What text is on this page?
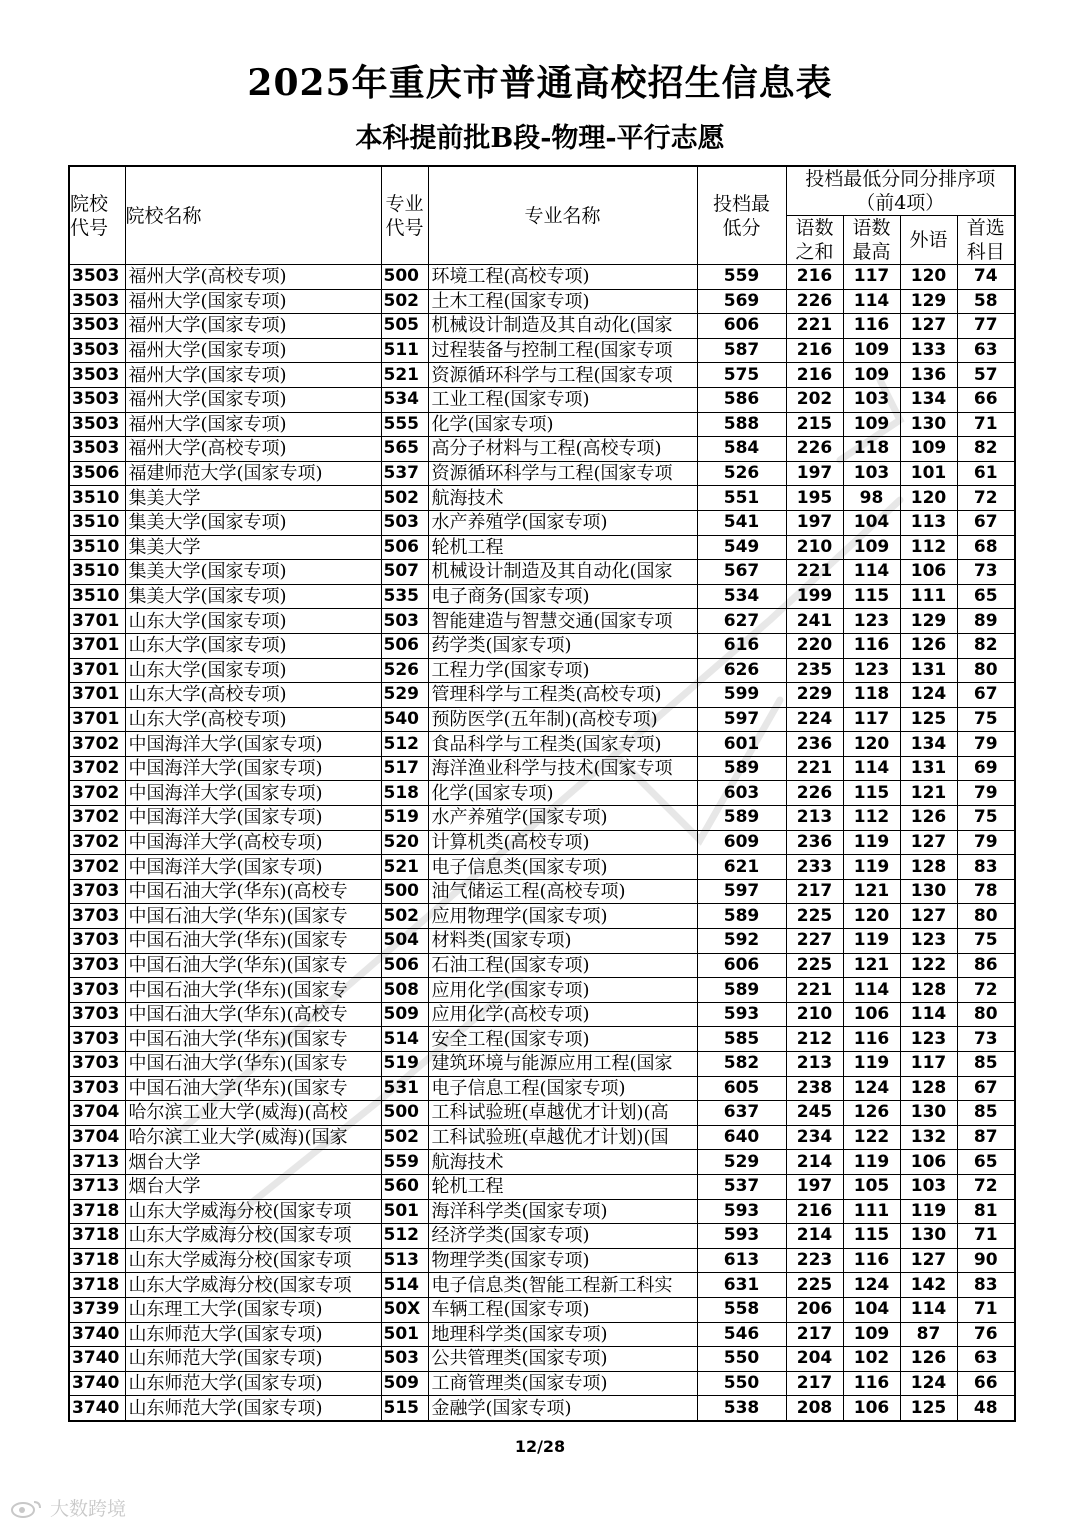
2025年重庆市普通高校招生信息表
本科提前批B段-物理-平行志愿
院校代号	院校名称	专业代号	专业名称	投档最低分	投档最低分同分排序项（前4项）			
					语数之和	语数最高	外语	首选科目
3503	福州大学(高校专项)	500	环境工程(高校专项)	559	216	117	120	74
3503	福州大学(国家专项)	502	土木工程(国家专项)	569	226	114	129	58
3503	福州大学(国家专项)	505	机械设计制造及其自动化(国家	606	221	116	127	77
3503	福州大学(国家专项)	511	过程装备与控制工程(国家专项	587	216	109	133	63
3503	福州大学(国家专项)	521	资源循环科学与工程(国家专项	575	216	109	136	57
3503	福州大学(国家专项)	534	工业工程(国家专项)	586	202	103	134	66
3503	福州大学(国家专项)	555	化学(国家专项)	588	215	109	130	71
3503	福州大学(高校专项)	565	高分子材料与工程(高校专项)	584	226	118	109	82
3506	福建师范大学(国家专项)	537	资源循环科学与工程(国家专项	526	197	103	101	61
3510	集美大学	502	航海技术	551	195	98	120	72
3510	集美大学(国家专项)	503	水产养殖学(国家专项)	541	197	104	113	67
3510	集美大学	506	轮机工程	549	210	109	112	68
3510	集美大学(国家专项)	507	机械设计制造及其自动化(国家	567	221	114	106	73
3510	集美大学(国家专项)	535	电子商务(国家专项)	534	199	115	111	65
3701	山东大学(国家专项)	503	智能建造与智慧交通(国家专项	627	241	123	129	89
3701	山东大学(国家专项)	506	药学类(国家专项)	616	220	116	126	82
3701	山东大学(国家专项)	526	工程力学(国家专项)	626	235	123	131	80
3701	山东大学(高校专项)	529	管理科学与工程类(高校专项)	599	229	118	124	67
3701	山东大学(高校专项)	540	预防医学(五年制)(高校专项)	597	224	117	125	75
3702	中国海洋大学(国家专项)	512	食品科学与工程类(国家专项)	601	236	120	134	79
3702	中国海洋大学(国家专项)	517	海洋渔业科学与技术(国家专项	589	221	114	131	69
3702	中国海洋大学(国家专项)	518	化学(国家专项)	603	226	115	121	79
3702	中国海洋大学(国家专项)	519	水产养殖学(国家专项)	589	213	112	126	75
3702	中国海洋大学(高校专项)	520	计算机类(高校专项)	609	236	119	127	79
3702	中国海洋大学(国家专项)	521	电子信息类(国家专项)	621	233	119	128	83
3703	中国石油大学(华东)(高校专	500	油气储运工程(高校专项)	597	217	121	130	78
3703	中国石油大学(华东)(国家专	502	应用物理学(国家专项)	589	225	120	127	80
3703	中国石油大学(华东)(国家专	504	材料类(国家专项)	592	227	119	123	75
3703	中国石油大学(华东)(国家专	506	石油工程(国家专项)	606	225	121	122	86
3703	中国石油大学(华东)(国家专	508	应用化学(国家专项)	589	221	114	128	72
3703	中国石油大学(华东)(高校专	509	应用化学(高校专项)	593	210	106	114	80
3703	中国石油大学(华东)(国家专	514	安全工程(国家专项)	585	212	116	123	73
3703	中国石油大学(华东)(国家专	519	建筑环境与能源应用工程(国家	582	213	119	117	85
3703	中国石油大学(华东)(国家专	531	电子信息工程(国家专项)	605	238	124	128	67
3704	哈尔滨工业大学(威海)(高校	500	工科试验班(卓越优才计划)(高	637	245	126	130	85
3704	哈尔滨工业大学(威海)(国家	502	工科试验班(卓越优才计划)(国	640	234	122	132	87
3713	烟台大学	559	航海技术	529	214	119	106	65
3713	烟台大学	560	轮机工程	537	197	105	103	72
3718	山东大学威海分校(国家专项	501	海洋科学类(国家专项)	593	216	111	119	81
3718	山东大学威海分校(国家专项	512	经济学类(国家专项)	593	214	115	130	71
3718	山东大学威海分校(国家专项	513	物理学类(国家专项)	613	223	116	127	90
3718	山东大学威海分校(国家专项	514	电子信息类(智能工程新工科实	631	225	124	142	83
3739	山东理工大学(国家专项)	50X	车辆工程(国家专项)	558	206	104	114	71
3740	山东师范大学(国家专项)	501	地理科学类(国家专项)	546	217	109	87	76
3740	山东师范大学(国家专项)	503	公共管理类(国家专项)	550	204	102	126	63
3740	山东师范大学(国家专项)	509	工商管理类(国家专项)	550	217	116	124	66
3740	山东师范大学(国家专项)	515	金融学(国家专项)	538	208	106	125	48
12/28
大数跨境
